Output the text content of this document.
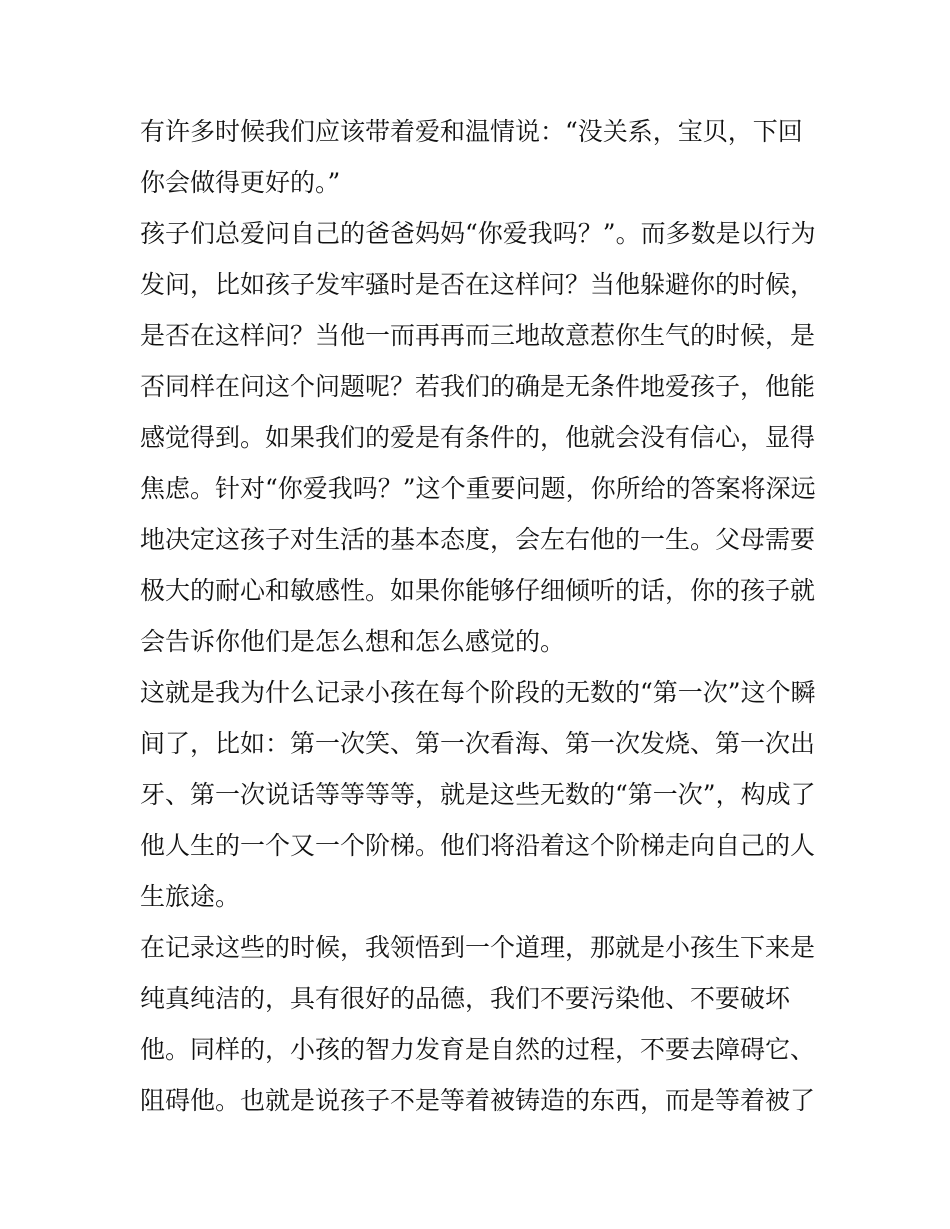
有许多时候我们应该带着爱和温情说：“没关系，宝贝，下回
你会做得更好的。”
孩子们总爱问自己的爸爸妈妈“你爱我吗？”。而多数是以行为
发问，比如孩子发牢骚时是否在这样问？当他躲避你的时候，
是否在这样问？当他一而再再而三地故意惹你生气的时候，是
否同样在问这个问题呢？若我们的确是无条件地爱孩子，他能
感觉得到。如果我们的爱是有条件的，他就会没有信心，显得
焦虑。针对“你爱我吗？”这个重要问题，你所给的答案将深远
地决定这孩子对生活的基本态度，会左右他的一生。父母需要
极大的耐心和敏感性。如果你能够仔细倾听的话，你的孩子就
会告诉你他们是怎么想和怎么感觉的。
这就是我为什么记录小孩在每个阶段的无数的“第一次”这个瞬
间了，比如：第一次笑、第一次看海、第一次发烧、第一次出
牙、第一次说话等等等等，就是这些无数的“第一次”，构成了
他人生的一个又一个阶梯。他们将沿着这个阶梯走向自己的人
生旅途。
在记录这些的时候，我领悟到一个道理，那就是小孩生下来是
纯真纯洁的，具有很好的品德，我们不要污染他、不要破坏
他。同样的，小孩的智力发育是自然的过程，不要去障碍它、
阻碍他。也就是说孩子不是等着被铸造的东西，而是等着被了
